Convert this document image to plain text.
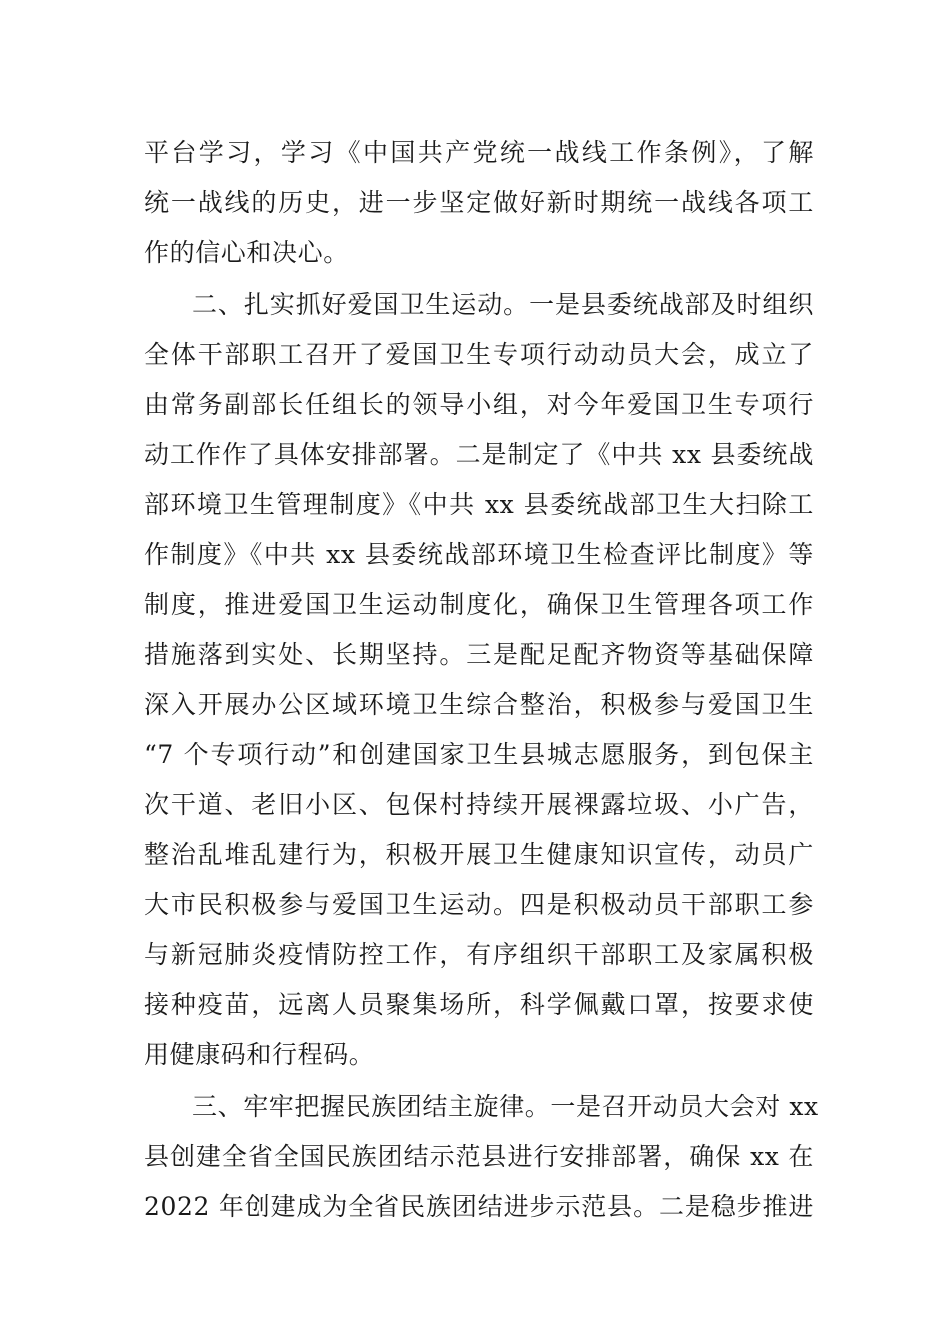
平台学习，学习《中国共产党统一战线工作条例》，了解
统一战线的历史，进一步坚定做好新时期统一战线各项工
作的信心和决心。
二、扎实抓好爱国卫生运动。一是县委统战部及时组织
全体干部职工召开了爱国卫生专项行动动员大会，成立了
由常务副部长任组长的领导小组，对今年爱国卫生专项行
动工作作了具体安排部署。二是制定了《中共 xx 县委统战
部环境卫生管理制度》《中共 xx 县委统战部卫生大扫除工
作制度》《中共 xx 县委统战部环境卫生检查评比制度》等
制度，推进爱国卫生运动制度化，确保卫生管理各项工作
措施落到实处、长期坚持。三是配足配齐物资等基础保障
深入开展办公区域环境卫生综合整治，积极参与爱国卫生
“7 个专项行动”和创建国家卫生县城志愿服务，到包保主
次干道、老旧小区、包保村持续开展裸露垃圾、小广告，
整治乱堆乱建行为，积极开展卫生健康知识宣传，动员广
大市民积极参与爱国卫生运动。四是积极动员干部职工参
与新冠肺炎疫情防控工作，有序组织干部职工及家属积极
接种疫苗，远离人员聚集场所，科学佩戴口罩，按要求使
用健康码和行程码。
三、牢牢把握民族团结主旋律。一是召开动员大会对 xx
县创建全省全国民族团结示范县进行安排部署，确保 xx 在
2022 年创建成为全省民族团结进步示范县。二是稳步推进
